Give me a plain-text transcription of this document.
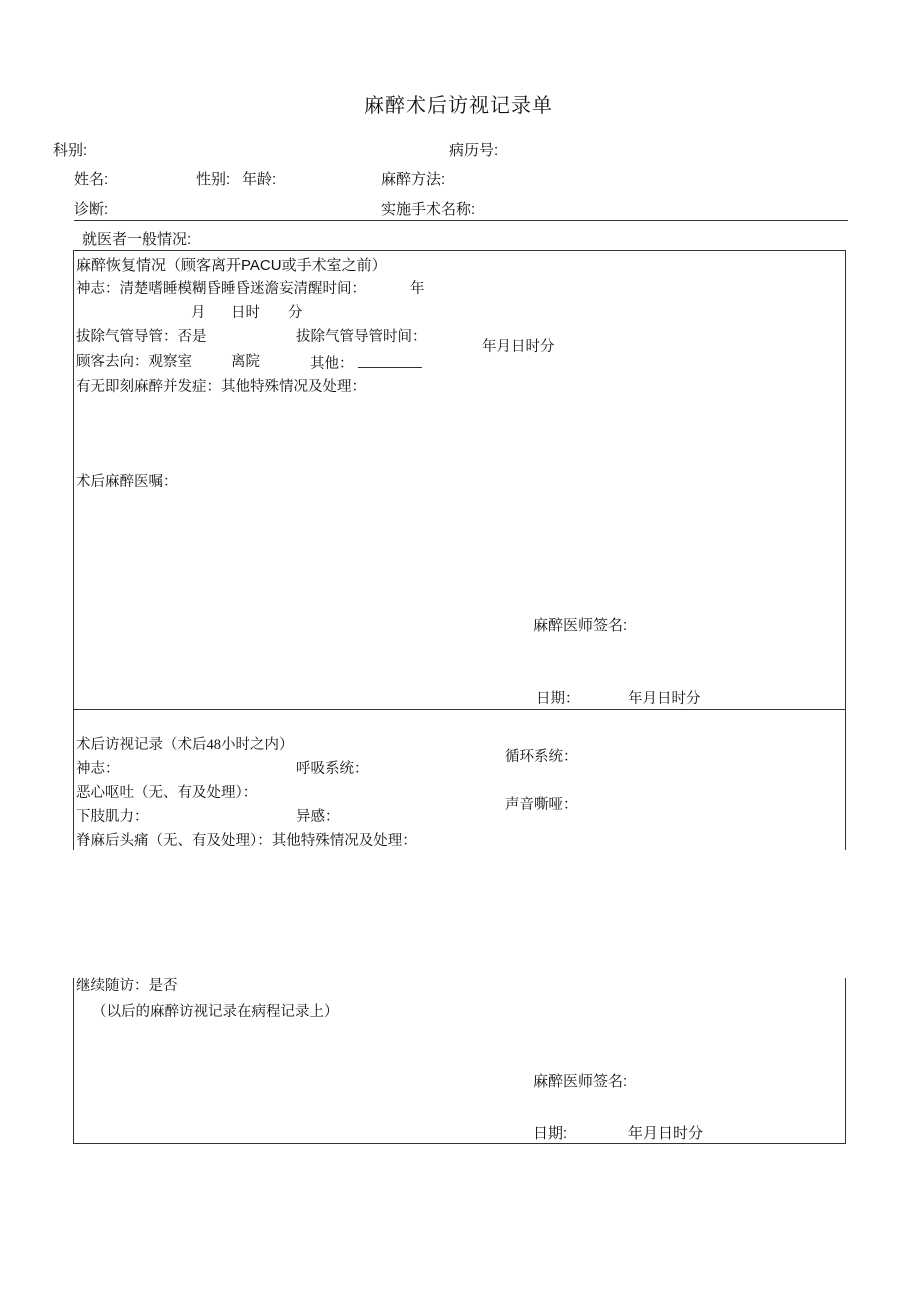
麻醉术后访视记录单
科别:	病历号:
姓名:	性别: 年龄:	麻醉方法:
诊断:	实施手术名称:
就医者一般情况:
麻醉恢复情况（顾客离开PACU或手术室之前）
神志：清楚嗜睡模糊昏睡昏迷澹妄清醒时间：	年
月 日时 分
拔除气管导管：否是	拔除气管导管时间：
年月日时分
顾客去向：观察室	离院	其他：
有无即刻麻醉并发症：其他特殊情况及处理：
术后麻醉医嘱：
麻醉医师签名:
日期：	年月日时分
术后访视记录（术后48小时之内）
循环系统：
神志：	呼吸系统：
恶心呕吐（无、有及处理）：
声音嘶哑：
下肢肌力：	异感：
脊麻后头痛（无、有及处理）：其他特殊情况及处理：
继续随访：是否
（以后的麻醉访视记录在病程记录上）
麻醉医师签名:
日期:	年月日时分
